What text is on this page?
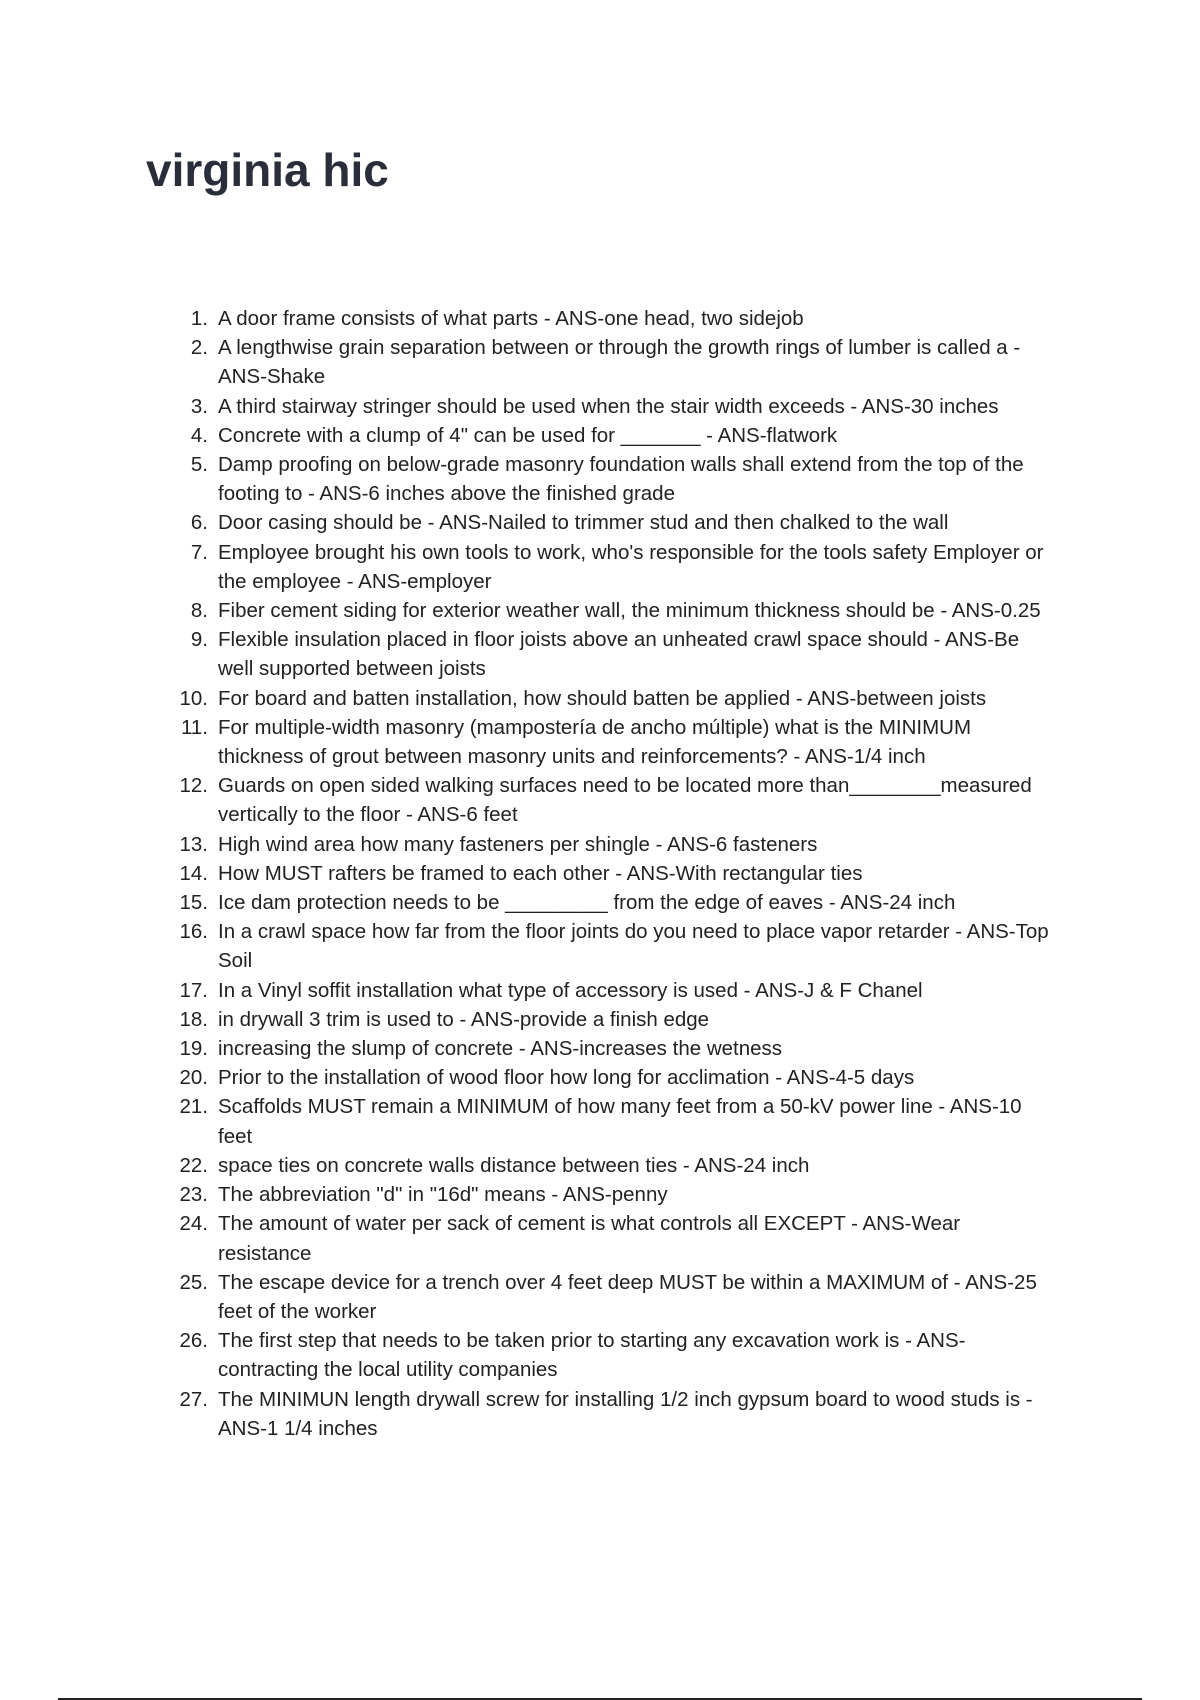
virginia hic
1. A door frame consists of what parts - ANS-one head, two sidejob
2. A lengthwise grain separation between or through the growth rings of lumber is called a - ANS-Shake
3. A third stairway stringer should be used when the stair width exceeds - ANS-30 inches
4. Concrete with a clump of 4" can be used for _______ - ANS-flatwork
5. Damp proofing on below-grade masonry foundation walls shall extend from the top of the footing to - ANS-6 inches above the finished grade
6. Door casing should be - ANS-Nailed to trimmer stud and then chalked to the wall
7. Employee brought his own tools to work, who's responsible for the tools safety Employer or the employee - ANS-employer
8. Fiber cement siding for exterior weather wall, the minimum thickness should be - ANS-0.25
9. Flexible insulation placed in floor joists above an unheated crawl space should - ANS-Be well supported between joists
10. For board and batten installation, how should batten be applied - ANS-between joists
11. For multiple-width masonry (mampostería de ancho múltiple) what is the MINIMUM thickness of grout between masonry units and reinforcements? - ANS-1/4 inch
12. Guards on open sided walking surfaces need to be located more than________measured vertically to the floor - ANS-6 feet
13. High wind area how many fasteners per shingle - ANS-6 fasteners
14. How MUST rafters be framed to each other - ANS-With rectangular ties
15. Ice dam protection needs to be _________ from the edge of eaves - ANS-24 inch
16. In a crawl space how far from the floor joints do you need to place vapor retarder - ANS-Top Soil
17. In a Vinyl soffit installation what type of accessory is used - ANS-J & F Chanel
18. in drywall 3 trim is used to - ANS-provide a finish edge
19. increasing the slump of concrete - ANS-increases the wetness
20. Prior to the installation of wood floor how long for acclimation - ANS-4-5 days
21. Scaffolds MUST remain a MINIMUM of how many feet from a 50-kV power line - ANS-10 feet
22. space ties on concrete walls distance between ties - ANS-24 inch
23. The abbreviation "d" in "16d" means - ANS-penny
24. The amount of water per sack of cement is what controls all EXCEPT - ANS-Wear resistance
25. The escape device for a trench over 4 feet deep MUST be within a MAXIMUM of - ANS-25 feet of the worker
26. The first step that needs to be taken prior to starting any excavation work is - ANS-contracting the local utility companies
27. The MINIMUN length drywall screw for installing 1/2 inch gypsum board to wood studs is - ANS-1 1/4 inches
